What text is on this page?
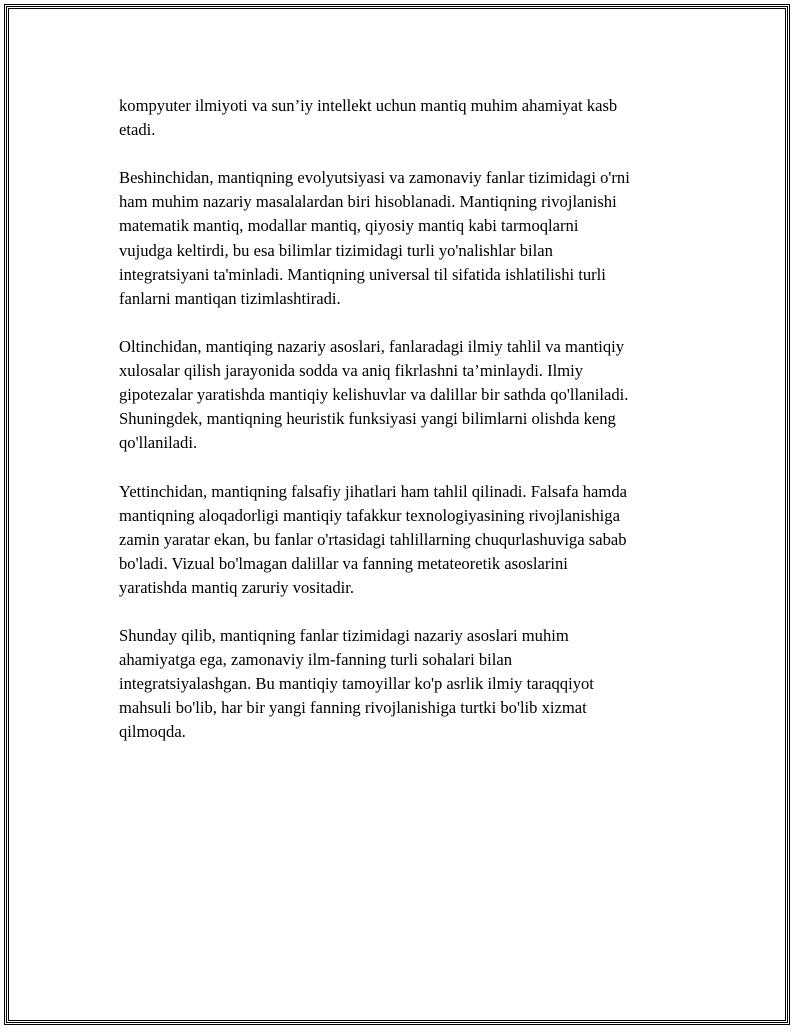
kompyuter ilmiyoti va sun’iy intellekt uchun mantiq muhim ahamiyat kasb
etadi.

Beshinchidan, mantiqning evolyutsiyasi va zamonaviy fanlar tizimidagi o'rni
ham muhim nazariy masalalardan biri hisoblanadi. Mantiqning rivojlanishi
matematik mantiq, modallar mantiq, qiyosiy mantiq kabi tarmoqlarni
vujudga keltirdi, bu esa bilimlar tizimidagi turli yo'nalishlar bilan
integratsiyani ta'minladi. Mantiqning universal til sifatida ishlatilishi turli
fanlarni mantiqan tizimlashtiradi.

Oltinchidan, mantiqing nazariy asoslari, fanlaradagi ilmiy tahlil va mantiqiy
xulosalar qilish jarayonida sodda va aniq fikrlashni ta’minlaydi. Ilmiy
gipotezalar yaratishda mantiqiy kelishuvlar va dalillar bir sathda qo'llaniladi.
Shuningdek, mantiqning heuristik funksiyasi yangi bilimlarni olishda keng
qo'llaniladi.

Yettinchidan, mantiqning falsafiy jihatlari ham tahlil qilinadi. Falsafa hamda
mantiqning aloqadorligi mantiqiy tafakkur texnologiyasining rivojlanishiga
zamin yaratar ekan, bu fanlar o'rtasidagi tahlillarning chuqurlashuviga sabab
bo'ladi. Vizual bo'lmagan dalillar va fanning metateoretik asoslarini
yaratishda mantiq zaruriy vositadir.

Shunday qilib, mantiqning fanlar tizimidagi nazariy asoslari muhim
ahamiyatga ega, zamonaviy ilm-fanning turli sohalari bilan
integratsiyalashgan. Bu mantiqiy tamoyillar ko'p asrlik ilmiy taraqqiyot
mahsuli bo'lib, har bir yangi fanning rivojlanishiga turtki bo'lib xizmat
qilmoqda.
